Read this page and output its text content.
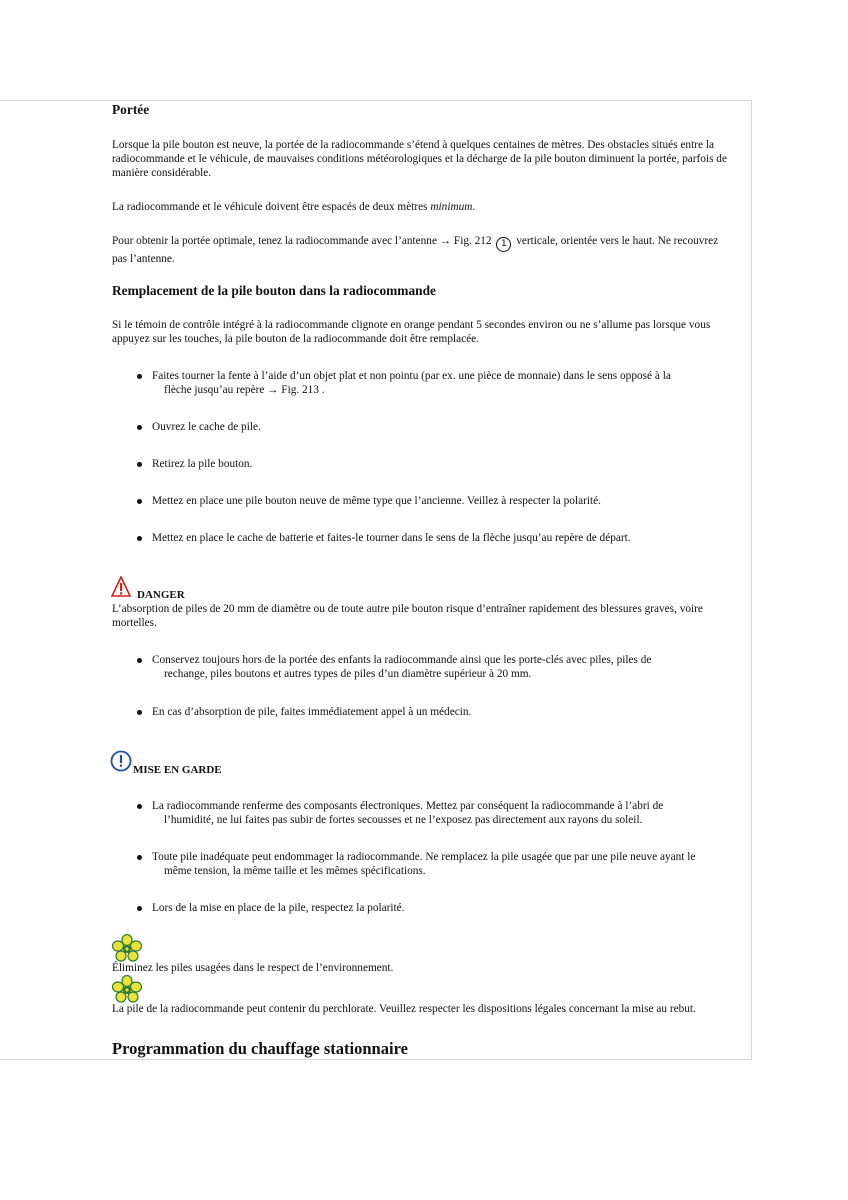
Portée
Lorsque la pile bouton est neuve, la portée de la radiocommande s’étend à quelques centaines de mètres. Des obstacles situés entre la radiocommande et le véhicule, de mauvaises conditions météorologiques et la décharge de la pile bouton diminuent la portée, parfois de manière considérable.
La radiocommande et le véhicule doivent être espacés de deux mètres minimum.
Pour obtenir la portée optimale, tenez la radiocommande avec l’antenne → Fig. 212 1 verticale, orientée vers le haut. Ne recouvrez pas l’antenne.
Remplacement de la pile bouton dans la radiocommande
Si le témoin de contrôle intégré à la radiocommande clignote en orange pendant 5 secondes environ ou ne s’allume pas lorsque vous appuyez sur les touches, la pile bouton de la radiocommande doit être remplacée.
Faites tourner la fente à l’aide d’un objet plat et non pointu (par ex. une pièce de monnaie) dans le sens opposé à la
flèche jusqu’au repère → Fig. 213 .
Ouvrez le cache de pile.
Retirez la pile bouton.
Mettez en place une pile bouton neuve de même type que l’ancienne. Veillez à respecter la polarité.
Mettez en place le cache de batterie et faites-le tourner dans le sens de la flèche jusqu’au repère de départ.
DANGER
L’absorption de piles de 20 mm de diamètre ou de toute autre pile bouton risque d’entraîner rapidement des blessures graves, voire mortelles.
Conservez toujours hors de la portée des enfants la radiocommande ainsi que les porte-clés avec piles, piles de
rechange, piles boutons et autres types de piles d’un diamètre supérieur à 20 mm.
En cas d’absorption de pile, faites immédiatement appel à un médecin.
MISE EN GARDE
La radiocommande renferme des composants électroniques. Mettez par conséquent la radiocommande à l’abri de
l’humidité, ne lui faites pas subir de fortes secousses et ne l’exposez pas directement aux rayons du soleil.
Toute pile inadéquate peut endommager la radiocommande. Ne remplacez la pile usagée que par une pile neuve ayant le
même tension, la même taille et les mêmes spécifications.
Lors de la mise en place de la pile, respectez la polarité.
Éliminez les piles usagées dans le respect de l’environnement.
La pile de la radiocommande peut contenir du perchlorate. Veuillez respecter les dispositions légales concernant la mise au rebut.
Programmation du chauffage stationnaire
